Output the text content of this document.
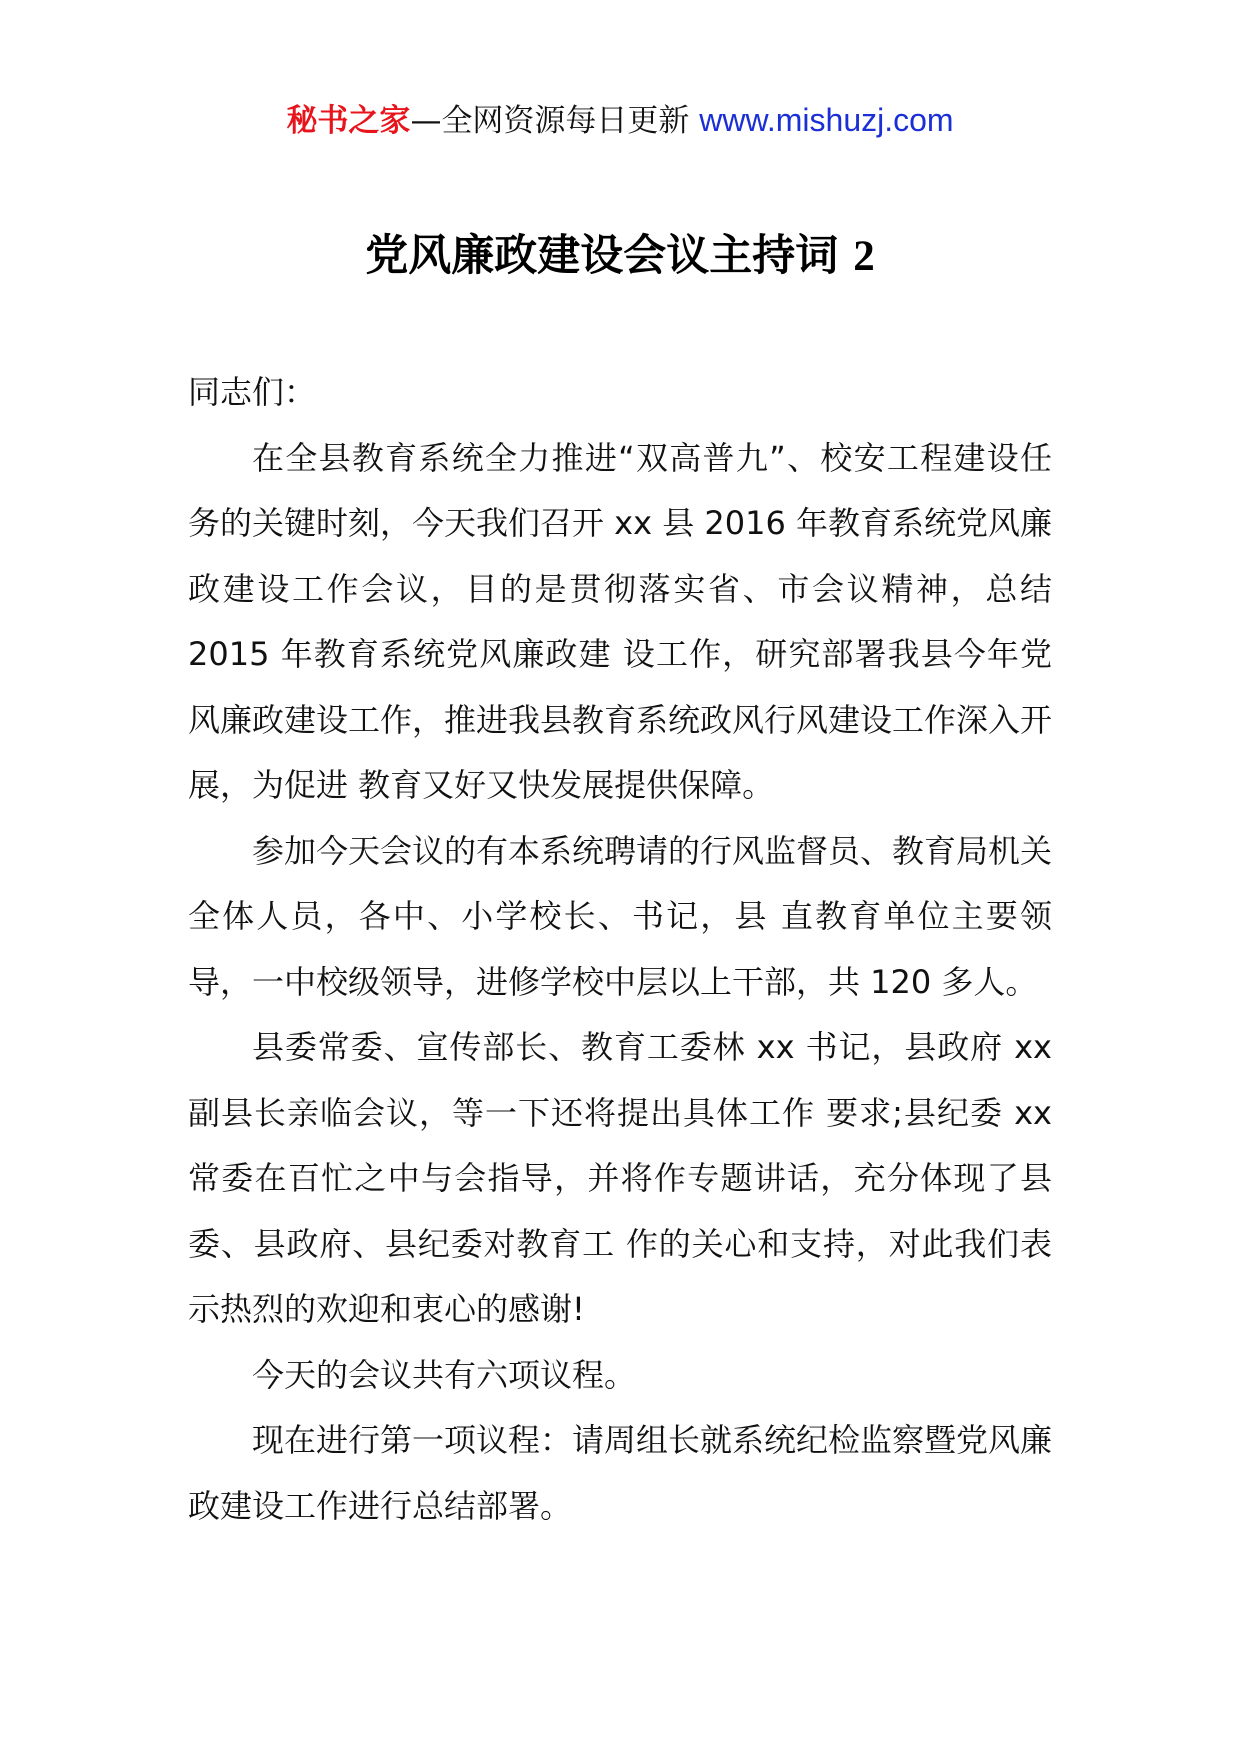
秘书之家—全网资源每日更新 www.mishuzj.com
党风廉政建设会议主持词 2

同志们：

在全县教育系统全力推进“双高普九”、校安工程建设任务的关键时刻，今天我们召开 xx 县 2016 年教育系统党风廉政建设工作会议，目的是贯彻落实省、市会议精神，总结 2015 年教育系统党风廉政建 设工作，研究部署我县今年党风廉政建设工作，推进我县教育系统政风行风建设工作深入开展，为促进 教育又好又快发展提供保障。

参加今天会议的有本系统聘请的行风监督员、教育局机关全体人员，各中、小学校长、书记，县 直教育单位主要领导，一中校级领导，进修学校中层以上干部，共 120 多人。

县委常委、宣传部长、教育工委林 xx 书记，县政府 xx 副县长亲临会议，等一下还将提出具体工作 要求;县纪委 xx 常委在百忙之中与会指导，并将作专题讲话，充分体现了县委、县政府、县纪委对教育工 作的关心和支持，对此我们表示热烈的欢迎和衷心的感谢!

今天的会议共有六项议程。

现在进行第一项议程：请周组长就系统纪检监察暨党风廉政建设工作进行总结部署。
